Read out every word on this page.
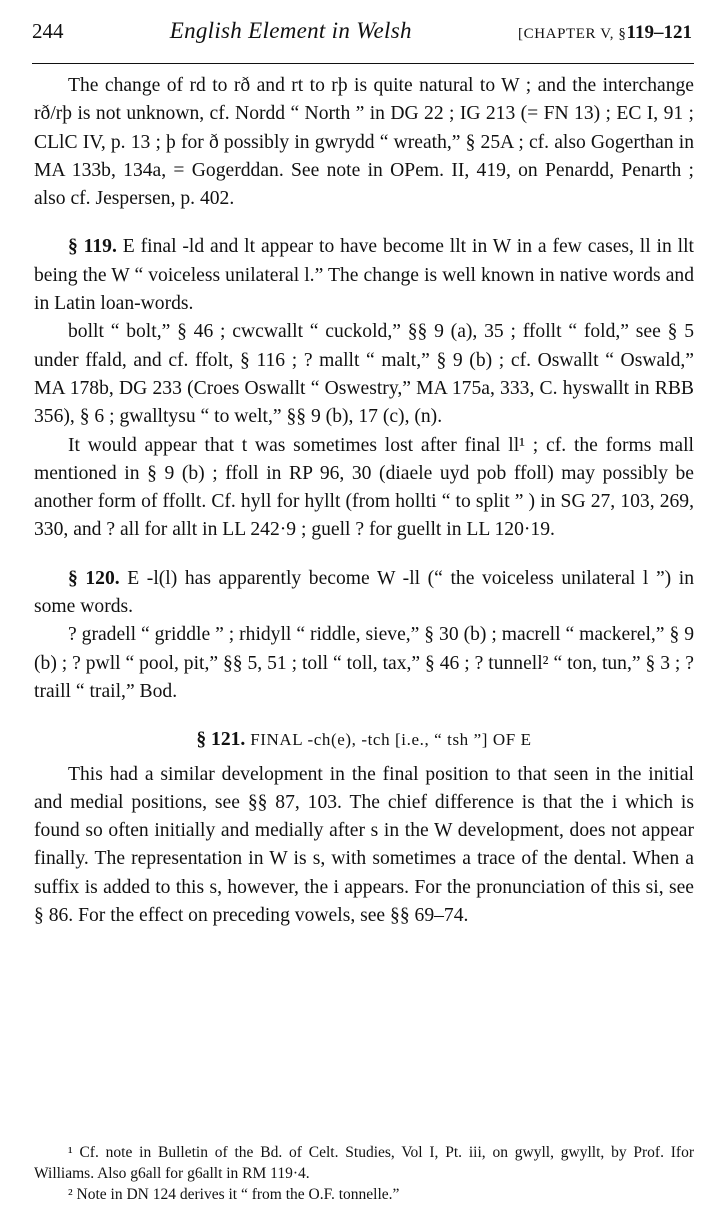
244	English Element in Welsh	[CHAPTER V, §119–121

The change of rd to rð and rt to rþ is quite natural to W ; and the interchange rð/rþ is not unknown, cf. Nordd “ North ” in DG 22 ; IG 213 (= FN 13) ; EC I, 91 ; CLlC IV, p. 13 ; þ for ð possibly in gwrydd “ wreath,” § 25A ; cf. also Gogerthan in MA 133b, 134a, = Gogerddan. See note in OPem. II, 419, on Penardd, Penarth ; also cf. Jespersen, p. 402.

§ 119. E final -ld and lt appear to have become llt in W in a few cases, ll in llt being the W “ voiceless unilateral l.” The change is well known in native words and in Latin loan-words.

bollt “ bolt,” § 46 ; cwcwallt “ cuckold,” §§ 9 (a), 35 ; ffollt “ fold,” see § 5 under ffald, and cf. ffolt, § 116 ; ? mallt “ malt,” § 9 (b) ; cf. Oswallt “ Oswald,” MA 178b, DG 233 (Croes Oswallt “ Oswestry,” MA 175a, 333, C. hyswallt in RBB 356), § 6 ; gwalltysu “ to welt,” §§ 9 (b), 17 (c), (n).

It would appear that t was sometimes lost after final ll¹ ; cf. the forms mall mentioned in § 9 (b) ; ffoll in RP 96, 30 (diaele uyd pob ffoll) may possibly be another form of ffollt. Cf. hyll for hyllt (from hollti “ to split ” ) in SG 27, 103, 269, 330, and ? all for allt in LL 242·9 ; guell ? for guellt in LL 120·19.

§ 120. E -l(l) has apparently become W -ll (“ the voiceless unilateral l ”) in some words.

? gradell “ griddle ” ; rhidyll “ riddle, sieve,” § 30 (b) ; macrell “ mackerel,” § 9 (b) ; ? pwll “ pool, pit,” §§ 5, 51 ; toll “ toll, tax,” § 46 ; ? tunnell² “ ton, tun,” § 3 ; ? traill “ trail,” Bod.

§ 121. FINAL -ch(e), -tch [i.e., “ tsh ”] OF E

This had a similar development in the final position to that seen in the initial and medial positions, see §§ 87, 103. The chief difference is that the i which is found so often initially and medially after s in the W development, does not appear finally. The representation in W is s, with sometimes a trace of the dental. When a suffix is added to this s, however, the i appears. For the pronunciation of this si, see § 86. For the effect on preceding vowels, see §§ 69–74.

¹ Cf. note in Bulletin of the Bd. of Celt. Studies, Vol I, Pt. iii, on gwyll, gwyllt, by Prof. Ifor Williams. Also g6all for g6allt in RM 119·4.

² Note in DN 124 derives it “ from the O.F. tonnelle.”
